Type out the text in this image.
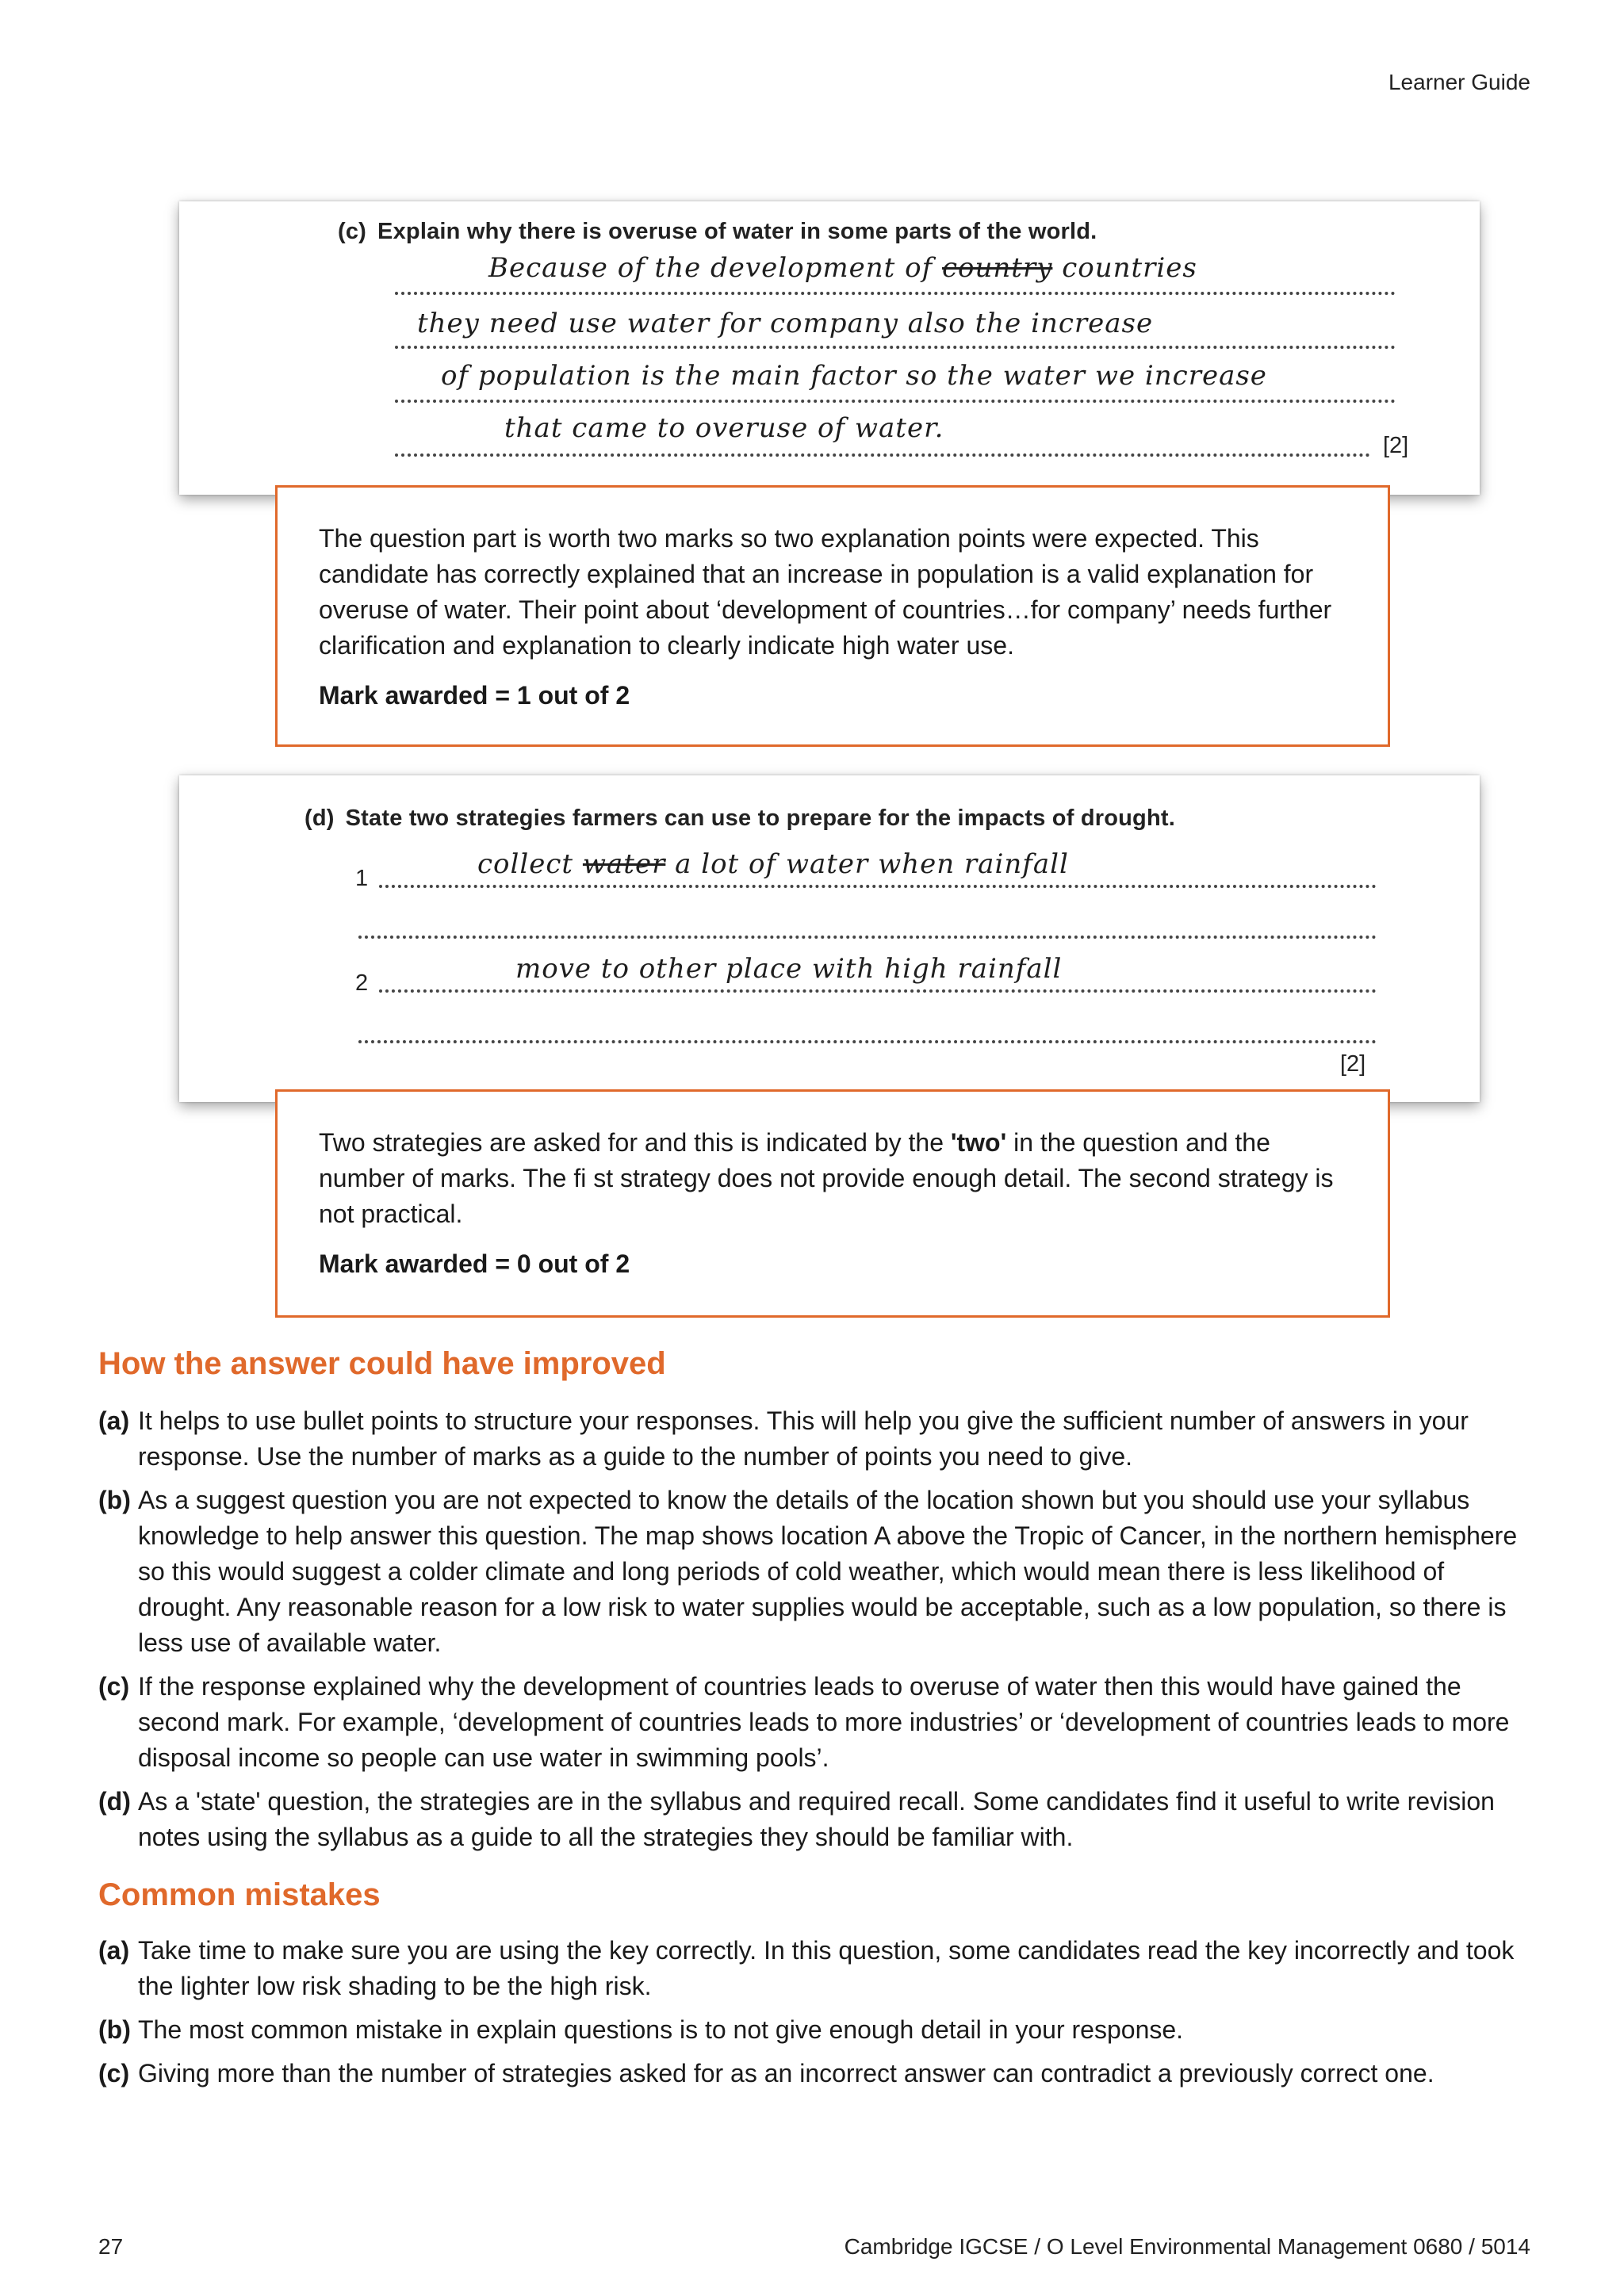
Learner Guide
(c) Explain why there is overuse of water in some parts of the world.
Because of the development of country countries
they need use water for company also the increase
of population is the main factor so the water we increase
that came to overuse of water.
[2]

The question part is worth two marks so two explanation points were expected. This candidate has correctly explained that an increase in population is a valid explanation for overuse of water. Their point about ‘development of countries…for company’ needs further clarification and explanation to clearly indicate high water use.

Mark awarded = 1 out of 2

(d) State two strategies farmers can use to prepare for the impacts of drought.
1	collect water a lot of water when rainfall
2	move to other place with high rainfall
[2]

Two strategies are asked for and this is indicated by the 'two' in the question and the number of marks. The fi st strategy does not provide enough detail. The second strategy is not practical.

Mark awarded = 0 out of 2

How the answer could have improved
(a) It helps to use bullet points to structure your responses. This will help you give the sufficient number of answers in your response. Use the number of marks as a guide to the number of points you need to give.
(b) As a suggest question you are not expected to know the details of the location shown but you should use your syllabus knowledge to help answer this question. The map shows location A above the Tropic of Cancer, in the northern hemisphere so this would suggest a colder climate and long periods of cold weather, which would mean there is less likelihood of drought. Any reasonable reason for a low risk to water supplies would be acceptable, such as a low population, so there is less use of available water.
(c) If the response explained why the development of countries leads to overuse of water then this would have gained the second mark. For example, ‘development of countries leads to more industries’ or ‘development of countries leads to more disposal income so people can use water in swimming pools’.
(d) As a 'state' question, the strategies are in the syllabus and required recall. Some candidates find it useful to write revision notes using the syllabus as a guide to all the strategies they should be familiar with.
Common mistakes
(a) Take time to make sure you are using the key correctly. In this question, some candidates read the key incorrectly and took the lighter low risk shading to be the high risk.
(b) The most common mistake in explain questions is to not give enough detail in your response.
(c) Giving more than the number of strategies asked for as an incorrect answer can contradict a previously correct one.
27	Cambridge IGCSE / O Level Environmental Management 0680 / 5014
